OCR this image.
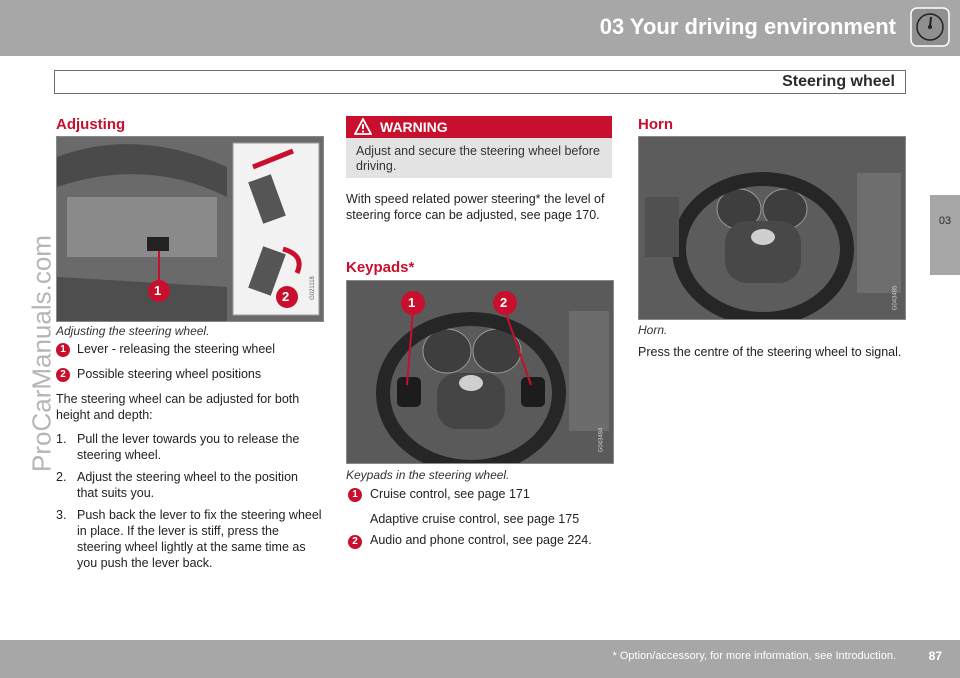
03 Your driving environment
Steering wheel
03
ProCarManuals.com
Adjusting
1	2	G021118
Adjusting the steering wheel.
1 Lever - releasing the steering wheel
2 Possible steering wheel positions
The steering wheel can be adjusted for both height and depth:
1. Pull the lever towards you to release the steering wheel.
2. Adjust the steering wheel to the position that suits you.
3. Push back the lever to fix the steering wheel in place. If the lever is stiff, press the steering wheel lightly at the same time as you push the lever back.
WARNING
Adjust and secure the steering wheel before driving.
With speed related power steering* the level of steering force can be adjusted, see page 170.
Keypads*
1	2
G043484
Keypads in the steering wheel.
1 Cruise control, see page 171
Adaptive cruise control, see page 175
2 Audio and phone control, see page 224.
Horn
G043485
Horn.
Press the centre of the steering wheel to signal.
* Option/accessory, for more information, see Introduction.	87
